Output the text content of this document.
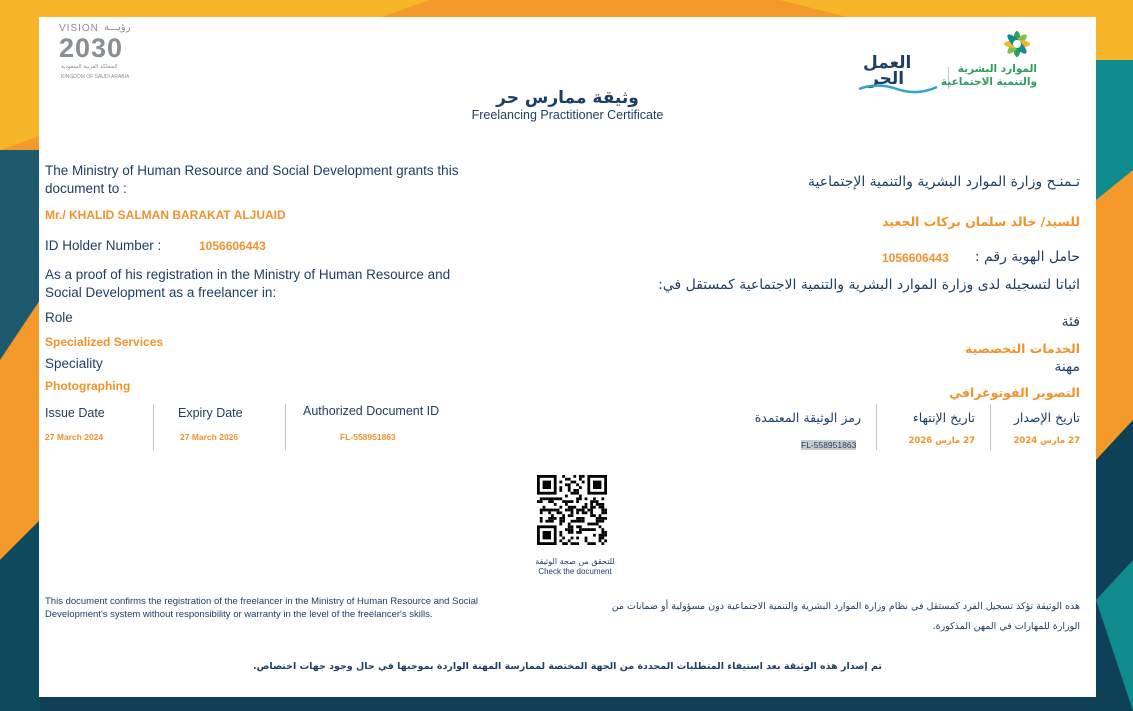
VISION رؤيـــة
2030
المملكة العربية السعودية
KINGDOM OF SAUDI ARABIA
العمل
الحر	الموارد البشرية
والتنمية الاجتماعية
وثيقة ممارس حر
Freelancing Practitioner Certificate
The Ministry of Human Resource and Social Development grants this document to :
Mr./ KHALID SALMAN BARAKAT ALJUAID
ID Holder Number :	1056606443
As a proof of his registration in the Ministry of Human Resource and Social Development as a freelancer in:
Role
Specialized Services
Speciality
Photographing
Issue Date
27 March 2024
Expiry Date
27 March 2026
Authorized Document ID
FL-558951863
تـمنـح وزارة الموارد البشرية والتنمية الإجتماعية
للسيد/ خالد سلمان بركات الجعيد
حامل الهوية رقم :
1056606443
اثباتا لتسجيله لدى وزارة الموارد البشرية والتنمية الاجتماعية كمستقل في:
فئة
الخدمات التخصصية
مهنة
التصوير الفوتوغرافي
تاريخ الإصدار
27 مارس 2024
تاريخ الإنتهاء
27 مارس 2026
رمز الوثيقة المعتمدة
FL-558951863
للتحقق من صحة الوثيقة
Check the document
This document confirms the registration of the freelancer in the Ministry of Human Resource and Social Development's system without responsibility or warranty in the level of the freelancer's skills.
هذه الوثيقة تؤكد تسجيل الفرد كمستقل في نظام وزارة الموارد البشرية والتنمية الاجتماعية دون مسؤولية أو ضمانات من
الوزارة للمهارات في المهن المذكورة.
تم إصدار هذه الوثيقة بعد استيفاء المتطلبات المحددة من الجهة المختصة لممارسة المهنة الواردة بموجبها في حال وجود جهات اختصاص.
